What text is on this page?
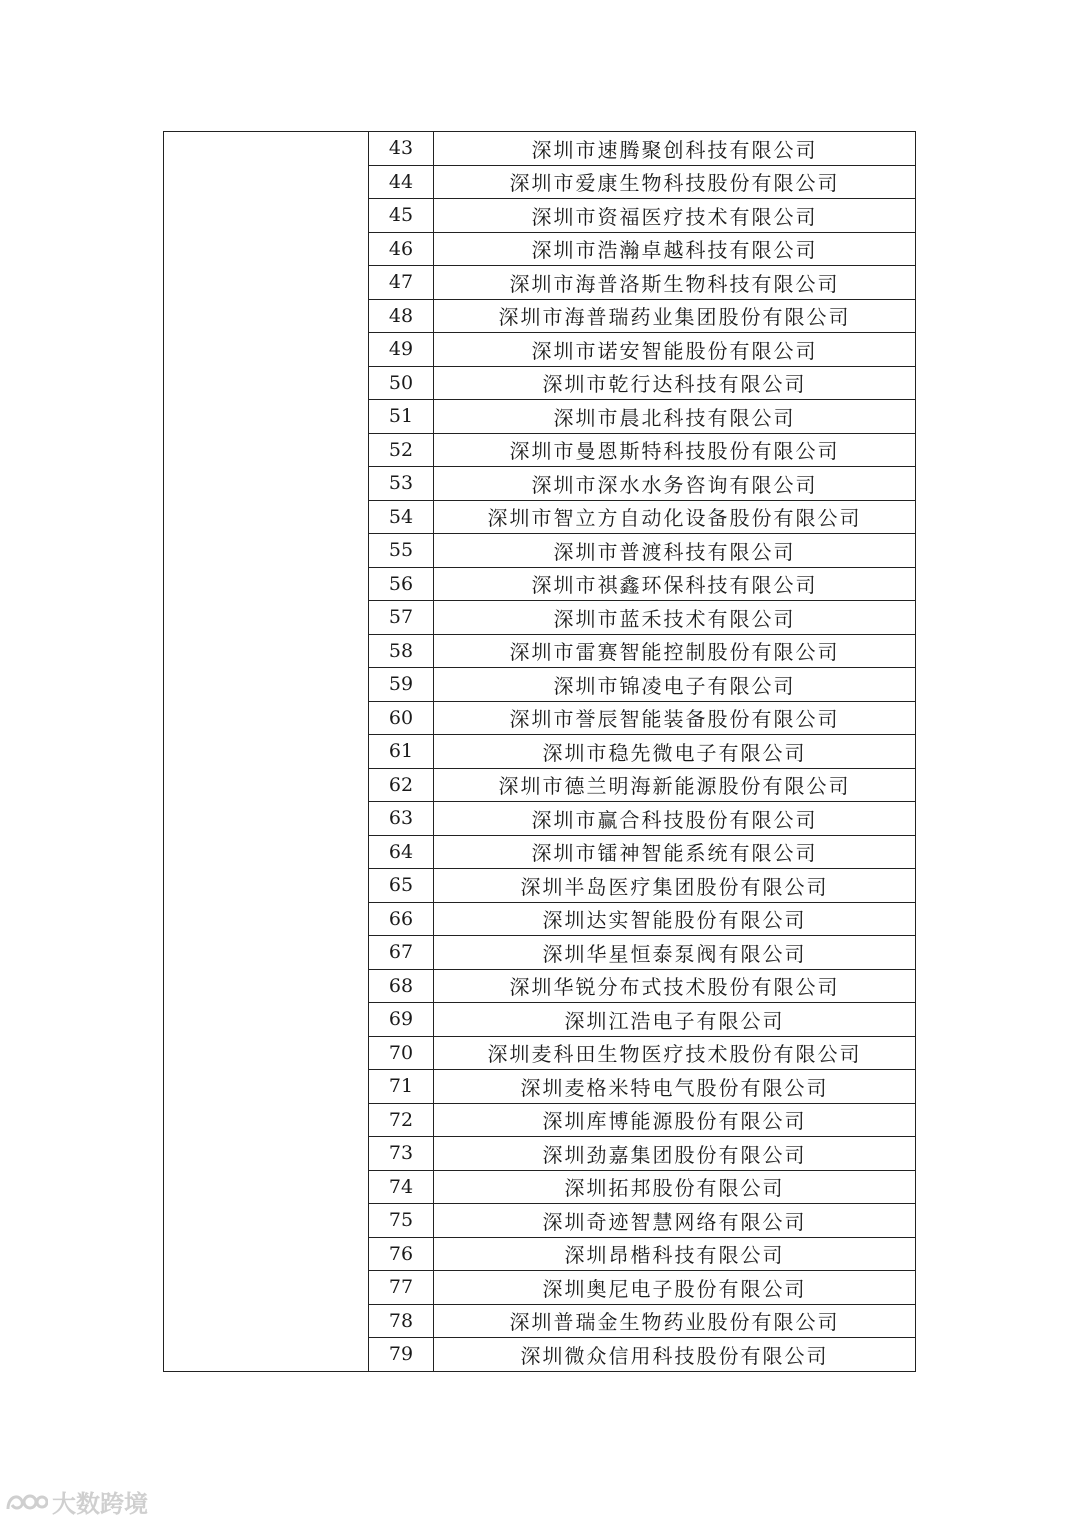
	43	深圳市速腾聚创科技有限公司
	44	深圳市爱康生物科技股份有限公司
	45	深圳市资福医疗技术有限公司
	46	深圳市浩瀚卓越科技有限公司
	47	深圳市海普洛斯生物科技有限公司
	48	深圳市海普瑞药业集团股份有限公司
	49	深圳市诺安智能股份有限公司
	50	深圳市乾行达科技有限公司
	51	深圳市晨北科技有限公司
	52	深圳市曼恩斯特科技股份有限公司
	53	深圳市深水水务咨询有限公司
	54	深圳市智立方自动化设备股份有限公司
	55	深圳市普渡科技有限公司
	56	深圳市祺鑫环保科技有限公司
	57	深圳市蓝禾技术有限公司
	58	深圳市雷赛智能控制股份有限公司
	59	深圳市锦凌电子有限公司
	60	深圳市誉辰智能装备股份有限公司
	61	深圳市稳先微电子有限公司
	62	深圳市德兰明海新能源股份有限公司
	63	深圳市赢合科技股份有限公司
	64	深圳市镭神智能系统有限公司
	65	深圳半岛医疗集团股份有限公司
	66	深圳达实智能股份有限公司
	67	深圳华星恒泰泵阀有限公司
	68	深圳华锐分布式技术股份有限公司
	69	深圳江浩电子有限公司
	70	深圳麦科田生物医疗技术股份有限公司
	71	深圳麦格米特电气股份有限公司
	72	深圳库博能源股份有限公司
	73	深圳劲嘉集团股份有限公司
	74	深圳拓邦股份有限公司
	75	深圳奇迹智慧网络有限公司
	76	深圳昂楷科技有限公司
	77	深圳奥尼电子股份有限公司
	78	深圳普瑞金生物药业股份有限公司
	79	深圳微众信用科技股份有限公司
大数跨境
